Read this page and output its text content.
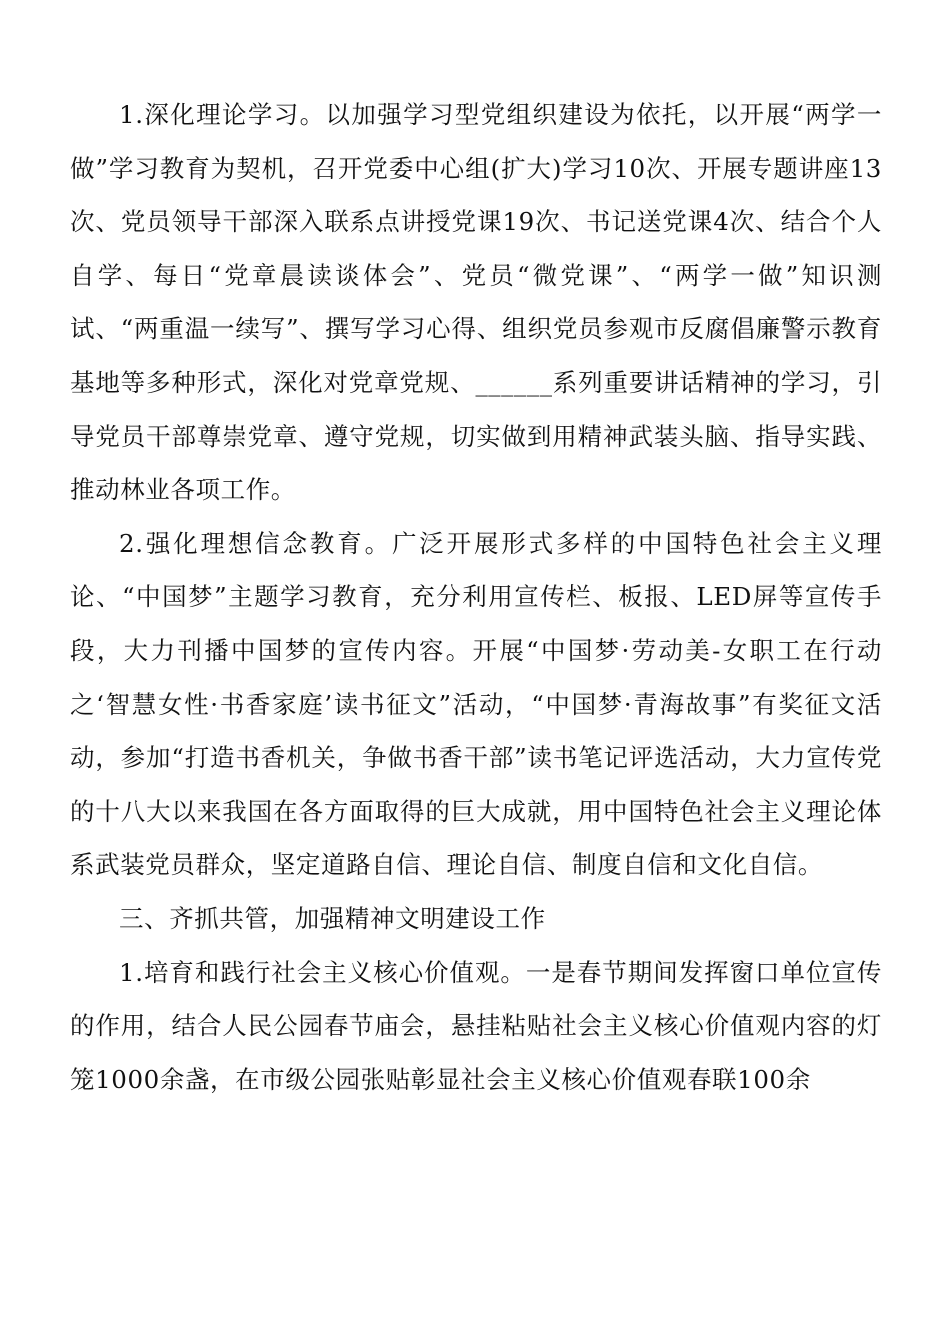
1.深化理论学习。以加强学习型党组织建设为依托，以开展“两学一做”学习教育为契机，召开党委中心组(扩大)学习10次、开展专题讲座13次、党员领导干部深入联系点讲授党课19次、书记送党课4次、结合个人自学、每日“党章晨读谈体会”、党员“微党课”、“两学一做”知识测试、“两重温一续写”、撰写学习心得、组织党员参观市反腐倡廉警示教育基地等多种形式，深化对党章党规、______系列重要讲话精神的学习，引导党员干部尊崇党章、遵守党规，切实做到用精神武装头脑、指导实践、推动林业各项工作。

2.强化理想信念教育。广泛开展形式多样的中国特色社会主义理论、“中国梦”主题学习教育，充分利用宣传栏、板报、LED屏等宣传手段，大力刊播中国梦的宣传内容。开展“中国梦·劳动美-女职工在行动之‘智慧女性·书香家庭’读书征文”活动，“中国梦·青海故事”有奖征文活动，参加“打造书香机关，争做书香干部”读书笔记评选活动，大力宣传党的十八大以来我国在各方面取得的巨大成就，用中国特色社会主义理论体系武装党员群众，坚定道路自信、理论自信、制度自信和文化自信。

三、齐抓共管，加强精神文明建设工作

1.培育和践行社会主义核心价值观。一是春节期间发挥窗口单位宣传的作用，结合人民公园春节庙会，悬挂粘贴社会主义核心价值观内容的灯笼1000余盏，在市级公园张贴彰显社会主义核心价值观春联100余
